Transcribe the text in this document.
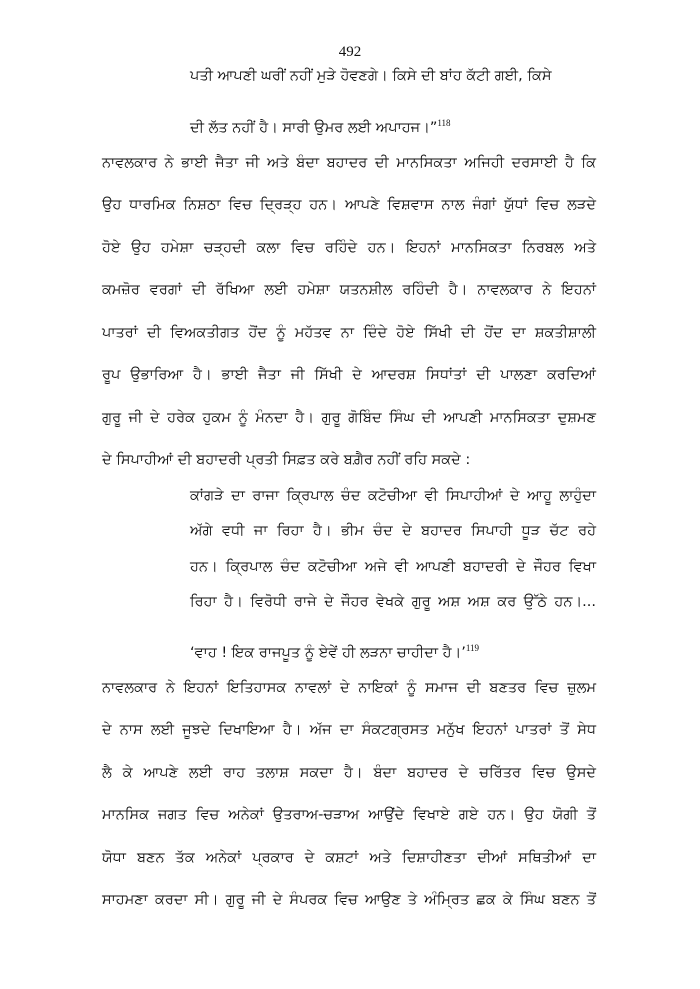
492
ਪਤੀ ਆਪਣੀ ਘਰੀਂ ਨਹੀਂ ਮੁੜੇ ਹੋਵਣਗੇ। ਕਿਸੇ ਦੀ ਬਾਂਹ ਕੱਟੀ ਗਈ, ਕਿਸੇ
ਦੀ ਲੱਤ ਨਹੀਂ ਹੈ। ਸਾਰੀ ਉਮਰ ਲਈ ਅਪਾਹਜ।”$^{118}$
ਨਾਵਲਕਾਰ ਨੇ ਭਾਈ ਜੈਤਾ ਜੀ ਅਤੇ ਬੰਦਾ ਬਹਾਦਰ ਦੀ ਮਾਨਸਿਕਤਾ ਅਜਿਹੀ ਦਰਸਾਈ ਹੈ ਕਿ
ਉਹ ਧਾਰਮਿਕ ਨਿਸ਼ਠਾ ਵਿਚ ਦ੍ਰਿੜ੍ਹ ਹਨ। ਆਪਣੇ ਵਿਸ਼ਵਾਸ ਨਾਲ ਜੰਗਾਂ ਯੁੱਧਾਂ ਵਿਚ ਲੜਦੇ
ਹੋਏ ਉਹ ਹਮੇਸ਼ਾ ਚੜ੍ਹਦੀ ਕਲਾ ਵਿਚ ਰਹਿੰਦੇ ਹਨ। ਇਹਨਾਂ ਮਾਨਸਿਕਤਾ ਨਿਰਬਲ ਅਤੇ
ਕਮਜ਼ੋਰ ਵਰਗਾਂ ਦੀ ਰੱਖਿਆ ਲਈ ਹਮੇਸ਼ਾ ਯਤਨਸ਼ੀਲ ਰਹਿੰਦੀ ਹੈ। ਨਾਵਲਕਾਰ ਨੇ ਇਹਨਾਂ
ਪਾਤਰਾਂ ਦੀ ਵਿਅਕਤੀਗਤ ਹੋਂਦ ਨੂੰ ਮਹੱਤਵ ਨਾ ਦਿੰਦੇ ਹੋਏ ਸਿੱਖੀ ਦੀ ਹੋਂਦ ਦਾ ਸ਼ਕਤੀਸ਼ਾਲੀ
ਰੂਪ ਉਭਾਰਿਆ ਹੈ। ਭਾਈ ਜੈਤਾ ਜੀ ਸਿੱਖੀ ਦੇ ਆਦਰਸ਼ ਸਿਧਾਂਤਾਂ ਦੀ ਪਾਲਣਾ ਕਰਦਿਆਂ
ਗੁਰੂ ਜੀ ਦੇ ਹਰੇਕ ਹੁਕਮ ਨੂੰ ਮੰਨਦਾ ਹੈ। ਗੁਰੂ ਗੋਬਿੰਦ ਸਿੰਘ ਦੀ ਆਪਣੀ ਮਾਨਸਿਕਤਾ ਦੁਸ਼ਮਣ
ਦੇ ਸਿਪਾਹੀਆਂ ਦੀ ਬਹਾਦਰੀ ਪ੍ਰਤੀ ਸਿਫ਼ਤ ਕਰੇ ਬਗ਼ੈਰ ਨਹੀਂ ਰਹਿ ਸਕਦੇ :
ਕਾਂਗੜੇ ਦਾ ਰਾਜਾ ਕ੍ਰਿਪਾਲ ਚੰਦ ਕਟੋਚੀਆ ਵੀ ਸਿਪਾਹੀਆਂ ਦੇ ਆਹੂ ਲਾਹੁੰਦਾ
ਅੱਗੇ ਵਧੀ ਜਾ ਰਿਹਾ ਹੈ। ਭੀਮ ਚੰਦ ਦੇ ਬਹਾਦਰ ਸਿਪਾਹੀ ਧੂੜ ਚੱਟ ਰਹੇ
ਹਨ। ਕ੍ਰਿਪਾਲ ਚੰਦ ਕਟੋਚੀਆ ਅਜੇ ਵੀ ਆਪਣੀ ਬਹਾਦਰੀ ਦੇ ਜੌਹਰ ਵਿਖਾ
ਰਿਹਾ ਹੈ। ਵਿਰੋਧੀ ਰਾਜੇ ਦੇ ਜੌਹਰ ਵੇਖਕੇ ਗੁਰੂ ਅਸ਼ ਅਸ਼ ਕਰ ਉੱਠੇ ਹਨ।...
‘ਵਾਹ ! ਇਕ ਰਾਜਪੂਤ ਨੂੰ ਏਵੇਂ ਹੀ ਲੜਨਾ ਚਾਹੀਦਾ ਹੈ।’$^{119}$
ਨਾਵਲਕਾਰ ਨੇ ਇਹਨਾਂ ਇਤਿਹਾਸਕ ਨਾਵਲਾਂ ਦੇ ਨਾਇਕਾਂ ਨੂੰ ਸਮਾਜ ਦੀ ਬਣਤਰ ਵਿਚ ਜ਼ੁਲਮ
ਦੇ ਨਾਸ ਲਈ ਜੂਝਦੇ ਦਿਖਾਇਆ ਹੈ। ਅੱਜ ਦਾ ਸੰਕਟਗ੍ਰਸਤ ਮਨੁੱਖ ਇਹਨਾਂ ਪਾਤਰਾਂ ਤੋਂ ਸੇਧ
ਲੈ ਕੇ ਆਪਣੇ ਲਈ ਰਾਹ ਤਲਾਸ਼ ਸਕਦਾ ਹੈ। ਬੰਦਾ ਬਹਾਦਰ ਦੇ ਚਰਿੱਤਰ ਵਿਚ ਉਸਦੇ
ਮਾਨਸਿਕ ਜਗਤ ਵਿਚ ਅਨੇਕਾਂ ਉਤਰਾਅ-ਚੜਾਅ ਆਉਂਦੇ ਵਿਖਾਏ ਗਏ ਹਨ। ਉਹ ਯੋਗੀ ਤੋਂ
ਯੋਧਾ ਬਣਨ ਤੱਕ ਅਨੇਕਾਂ ਪ੍ਰਕਾਰ ਦੇ ਕਸ਼ਟਾਂ ਅਤੇ ਦਿਸ਼ਾਹੀਣਤਾ ਦੀਆਂ ਸਥਿਤੀਆਂ ਦਾ
ਸਾਹਮਣਾ ਕਰਦਾ ਸੀ। ਗੁਰੂ ਜੀ ਦੇ ਸੰਪਰਕ ਵਿਚ ਆਉਣ ਤੇ ਅੰਮ੍ਰਿਤ ਛਕ ਕੇ ਸਿੰਘ ਬਣਨ ਤੋਂ
